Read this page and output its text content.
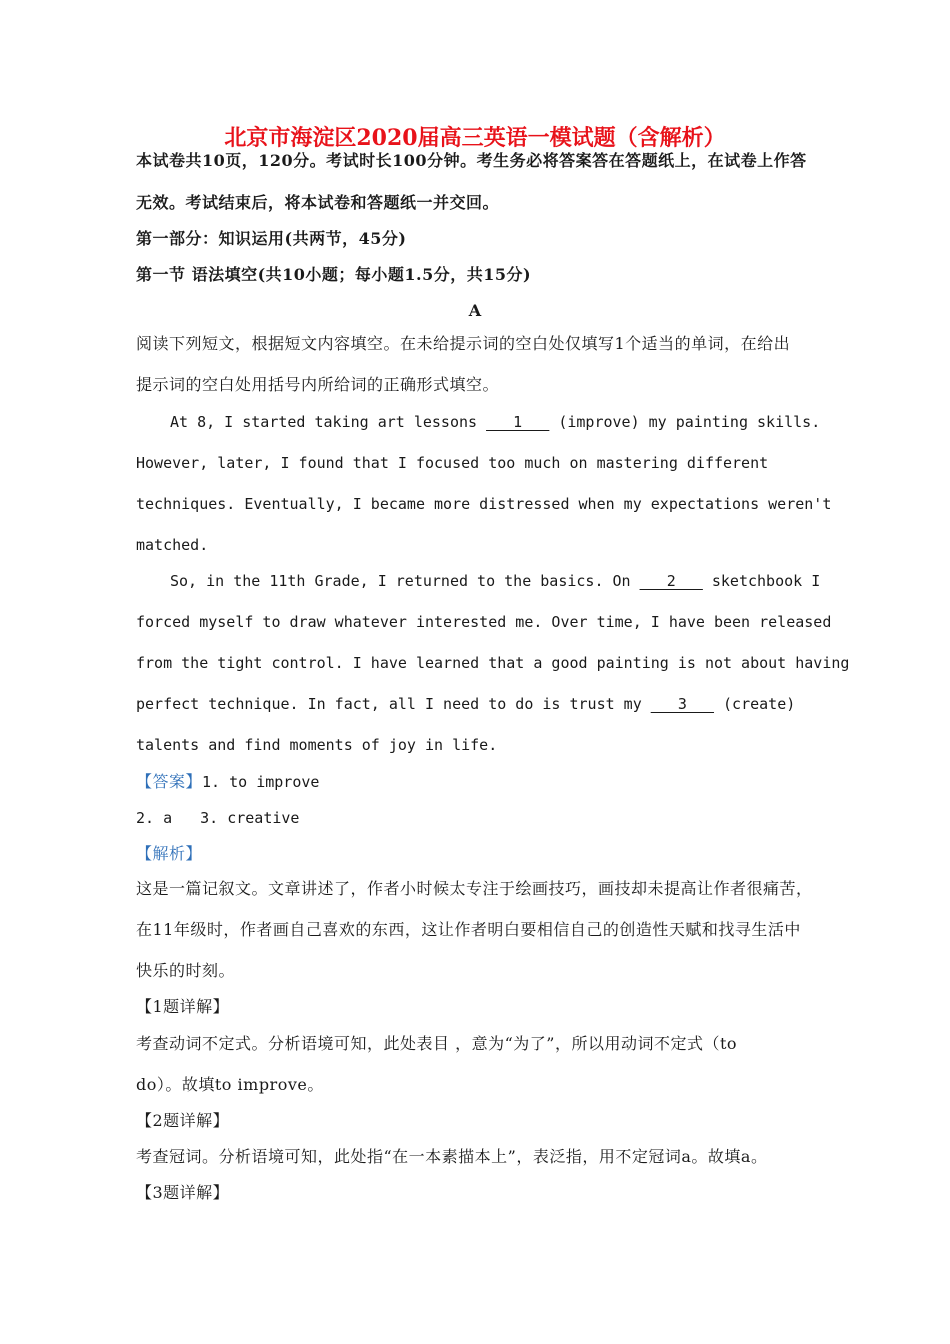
北京市海淀区2020届高三英语一模试题（含解析）
本试卷共10页，120分。考试时长100分钟。考生务必将答案答在答题纸上，在试卷上作答
无效。考试结束后，将本试卷和答题纸一并交回。
第一部分：知识运用(共两节，45分)
第一节 语法填空(共10小题；每小题1.5分，共15分)
A
阅读下列短文，根据短文内容填空。在未给提示词的空白处仅填写1个适当的单词，在给出
提示词的空白处用括号内所给词的正确形式填空。
At 8, I started taking art lessons ___1___ (improve) my painting skills.
However, later, I found that I focused too much on mastering different
techniques. Eventually, I became more distressed when my expectations weren't
matched.
So, in the 11th Grade, I returned to the basics. On ___2___ sketchbook I
forced myself to draw whatever interested me. Over time, I have been released
from the tight control. I have learned that a good painting is not about having
perfect technique. In fact, all I need to do is trust my ___3___ (create)
talents and find moments of joy in life.
【答案】1. to improve
2. a 3. creative
【解析】
这是一篇记叙文。文章讲述了，作者小时候太专注于绘画技巧，画技却未提高让作者很痛苦，
在11年级时，作者画自己喜欢的东西，这让作者明白要相信自己的创造性天赋和找寻生活中
快乐的时刻。
【1题详解】
考查动词不定式。分析语境可知，此处表目 ，意为“为了”，所以用动词不定式（to
do）。故填to improve。
【2题详解】
考查冠词。分析语境可知，此处指“在一本素描本上”，表泛指，用不定冠词a。故填a。
【3题详解】
